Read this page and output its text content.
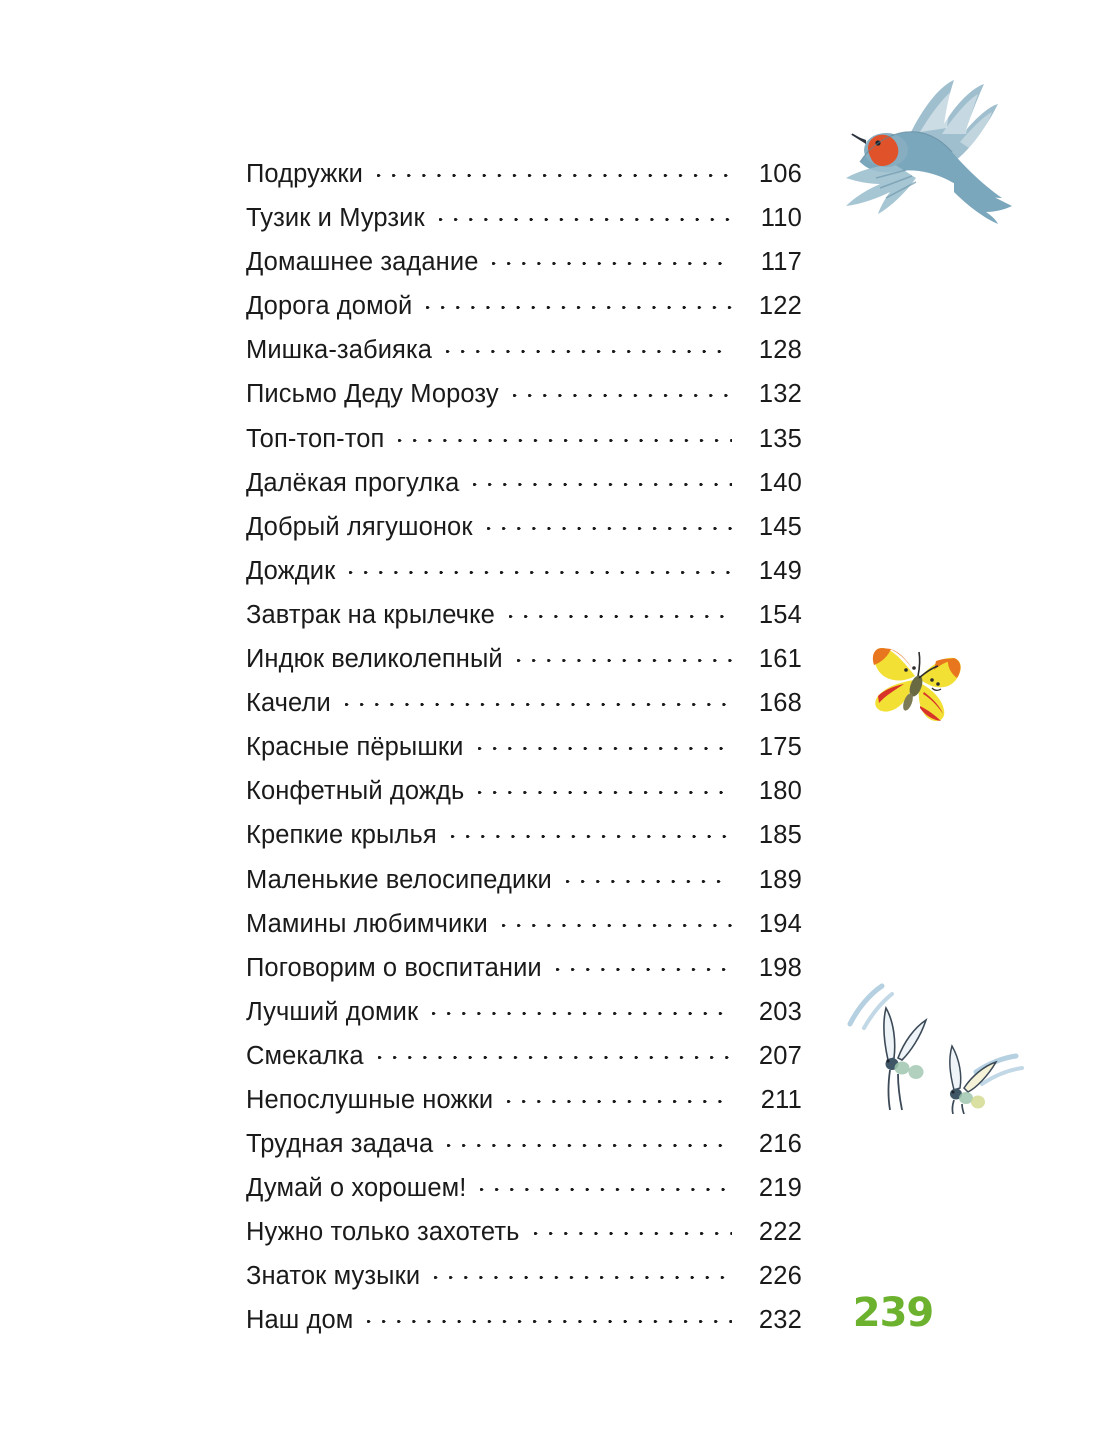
Подружки	106
Тузик и Мурзик	110
Домашнее задание	117
Дорога домой	122
Мишка-забияка	128
Письмо Деду Морозу	132
Топ-топ-топ	135
Далёкая прогулка	140
Добрый лягушонок	145
Дождик	149
Завтрак на крылечке	154
Индюк великолепный	161
Качели	168
Красные пёрышки	175
Конфетный дождь	180
Крепкие крылья	185
Маленькие велосипедики	189
Мамины любимчики	194
Поговорим о воспитании	198
Лучший домик	203
Смекалка	207
Непослушные ножки	211
Трудная задача	216
Думай о хорошем!	219
Нужно только захотеть	222
Знаток музыки	226
Наш дом	232 239
